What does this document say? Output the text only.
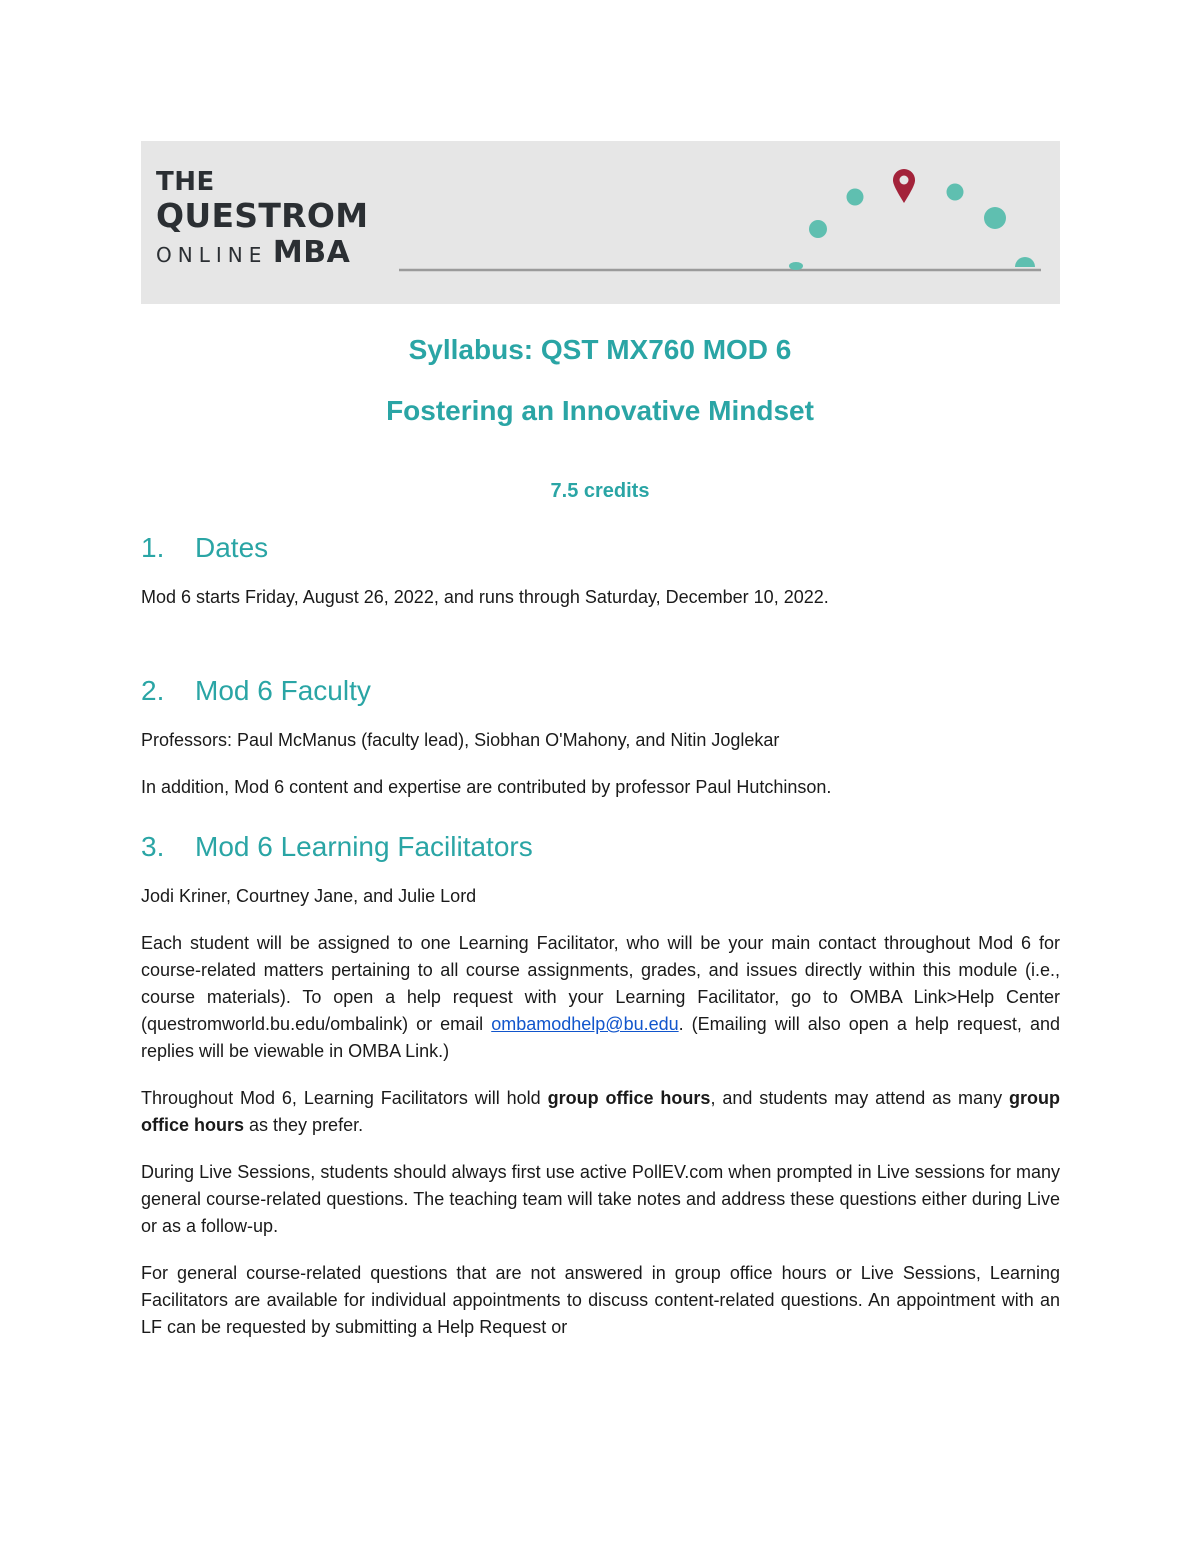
THE
QUESTROM
ONLINE MBA
Syllabus: QST MX760 MOD 6
Fostering an Innovative Mindset
7.5 credits
1. Dates

Mod 6 starts Friday, August 26, 2022, and runs through Saturday, December 10, 2022.

2. Mod 6 Faculty

Professors: Paul McManus (faculty lead), Siobhan O'Mahony, and Nitin Joglekar

In addition, Mod 6 content and expertise are contributed by professor Paul Hutchinson.

3. Mod 6 Learning Facilitators

Jodi Kriner, Courtney Jane, and Julie Lord

Each student will be assigned to one Learning Facilitator, who will be your main contact throughout Mod 6 for course-related matters pertaining to all course assignments, grades, and issues directly within this module (i.e., course materials). To open a help request with your Learning Facilitator, go to OMBA Link>Help Center (questromworld.bu.edu/ombalink) or email ombamodhelp@bu.edu. (Emailing will also open a help request, and replies will be viewable in OMBA Link.)

Throughout Mod 6, Learning Facilitators will hold group office hours, and students may attend as many group office hours as they prefer.

During Live Sessions, students should always first use active PollEV.com when prompted in Live sessions for many general course-related questions. The teaching team will take notes and address these questions either during Live or as a follow-up.

For general course-related questions that are not answered in group office hours or Live Sessions, Learning Facilitators are available for individual appointments to discuss content-related questions. An appointment with an LF can be requested by submitting a Help Request or
